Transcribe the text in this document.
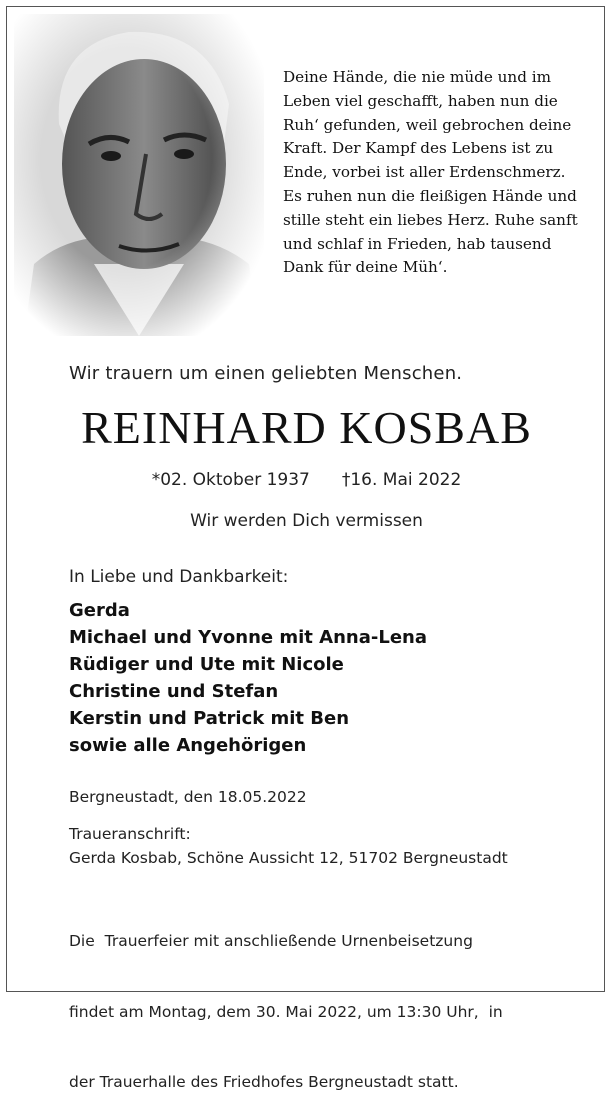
Deine Hände, die nie müde und im
Leben viel geschafft, haben nun die
Ruh‘ gefunden, weil gebrochen deine
Kraft. Der Kampf des Lebens ist zu
Ende, vorbei ist aller Erdenschmerz.
Es ruhen nun die fleißigen Hände und
stille steht ein liebes Herz. Ruhe sanft
und schlaf in Frieden, hab tausend
Dank für deine Müh‘.
Wir trauern um einen geliebten Menschen.
REINHARD KOSBAB
*02. Oktober 1937 †16. Mai 2022
Wir werden Dich vermissen
In Liebe und Dankbarkeit:
Gerda
Michael und Yvonne mit Anna-Lena
Rüdiger und Ute mit Nicole
Christine und Stefan
Kerstin und Patrick mit Ben
sowie alle Angehörigen
Bergneustadt, den 18.05.2022
Traueranschrift:
Gerda Kosbab, Schöne Aussicht 12, 51702 Bergneustadt

Die  Trauerfeier mit anschließende Urnenbeisetzung

findet am Montag, dem 30. Mai 2022, um 13:30 Uhr,  in

der Trauerhalle des Friedhofes Bergneustadt statt.
